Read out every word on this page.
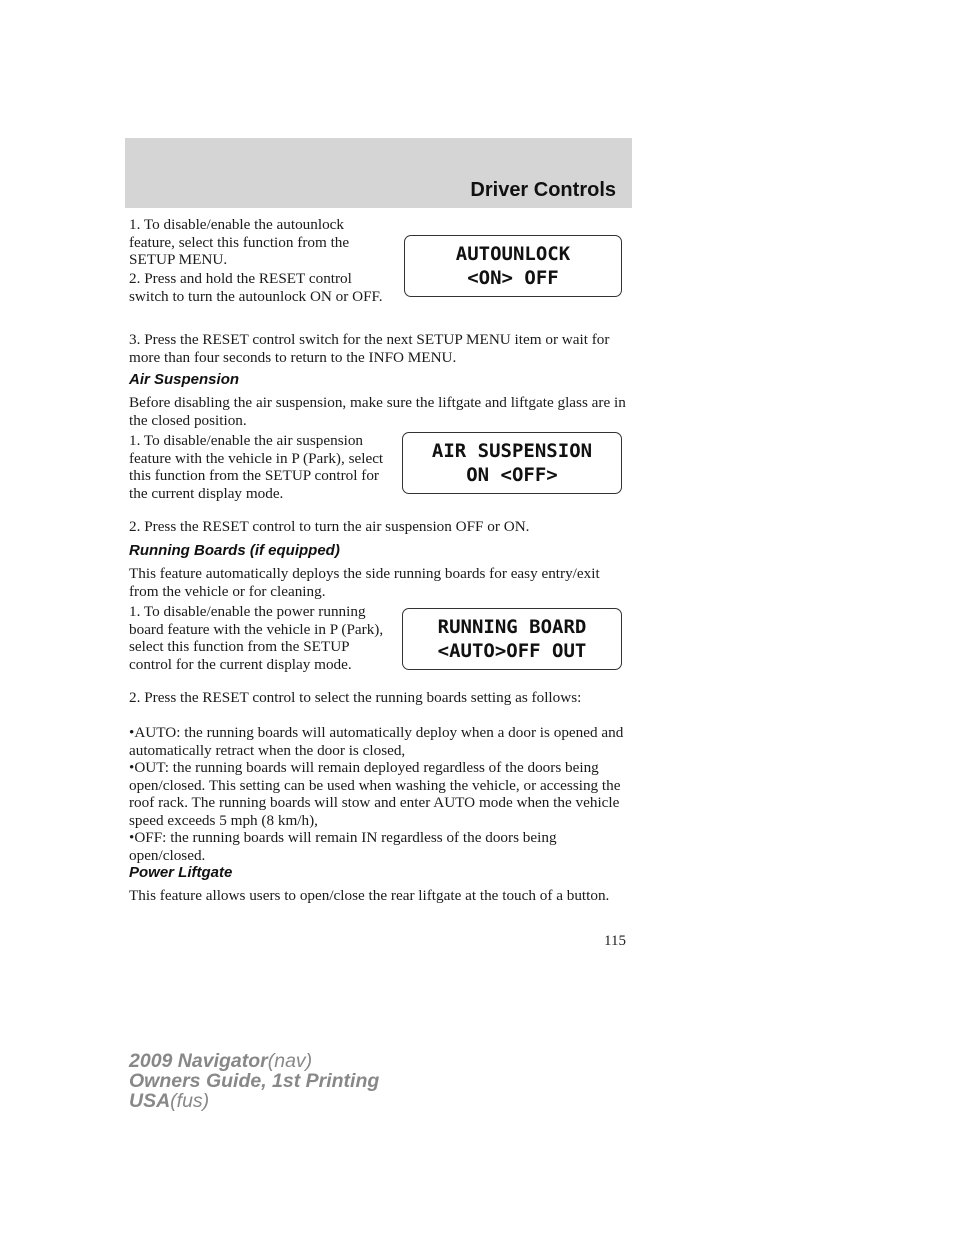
Driver Controls

1. To disable/enable the autounlock feature, select this function from the SETUP MENU.

2. Press and hold the RESET control switch to turn the autounlock ON or OFF.

AUTOUNLOCK
<ON> OFF

3. Press the RESET control switch for the next SETUP MENU item or wait for more than four seconds to return to the INFO MENU.

Air Suspension

Before disabling the air suspension, make sure the liftgate and liftgate glass are in the closed position.

1. To disable/enable the air suspension feature with the vehicle in P (Park), select this function from the SETUP control for the current display mode.

AIR SUSPENSION
ON <OFF>

2. Press the RESET control to turn the air suspension OFF or ON.

Running Boards (if equipped)

This feature automatically deploys the side running boards for easy entry/exit from the vehicle or for cleaning.

1. To disable/enable the power running board feature with the vehicle in P (Park), select this function from the SETUP control for the current display mode.

RUNNING BOARD
<AUTO>OFF OUT

2. Press the RESET control to select the running boards setting as follows:

•AUTO: the running boards will automatically deploy when a door is opened and automatically retract when the door is closed,

•OUT: the running boards will remain deployed regardless of the doors being open/closed. This setting can be used when washing the vehicle, or accessing the roof rack. The running boards will stow and enter AUTO mode when the vehicle speed exceeds 5 mph (8 km/h),

•OFF: the running boards will remain IN regardless of the doors being open/closed.

Power Liftgate

This feature allows users to open/close the rear liftgate at the touch of a button.

115
2009 Navigator(nav)
Owners Guide, 1st Printing
USA(fus)
